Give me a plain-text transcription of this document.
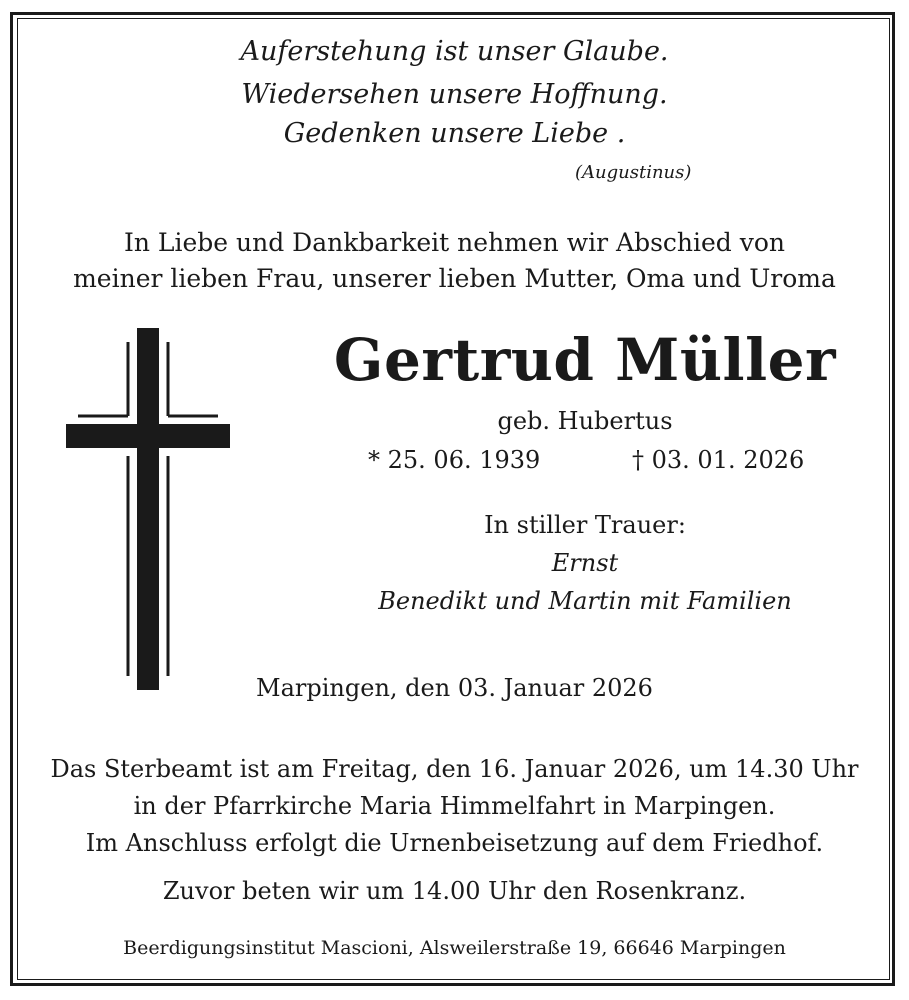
Auferstehung ist unser Glaube.
Wiedersehen unsere Hoffnung.
Gedenken unsere Liebe .
(Augustinus)
In Liebe und Dankbarkeit nehmen wir Abschied von
meiner lieben Frau, unserer lieben Mutter, Oma und Uroma
Gertrud Müller
geb. Hubertus
* 25. 06. 1939	† 03. 01. 2026
In stiller Trauer:
Ernst
Benedikt und Martin mit Familien
Marpingen, den 03. Januar 2026
Das Sterbeamt ist am Freitag, den 16. Januar 2026, um 14.30 Uhr
in der Pfarrkirche Maria Himmelfahrt in Marpingen.
Im Anschluss erfolgt die Urnenbeisetzung auf dem Friedhof.
Zuvor beten wir um 14.00 Uhr den Rosenkranz.
Beerdigungsinstitut Mascioni, Alsweilerstraße 19, 66646 Marpingen
